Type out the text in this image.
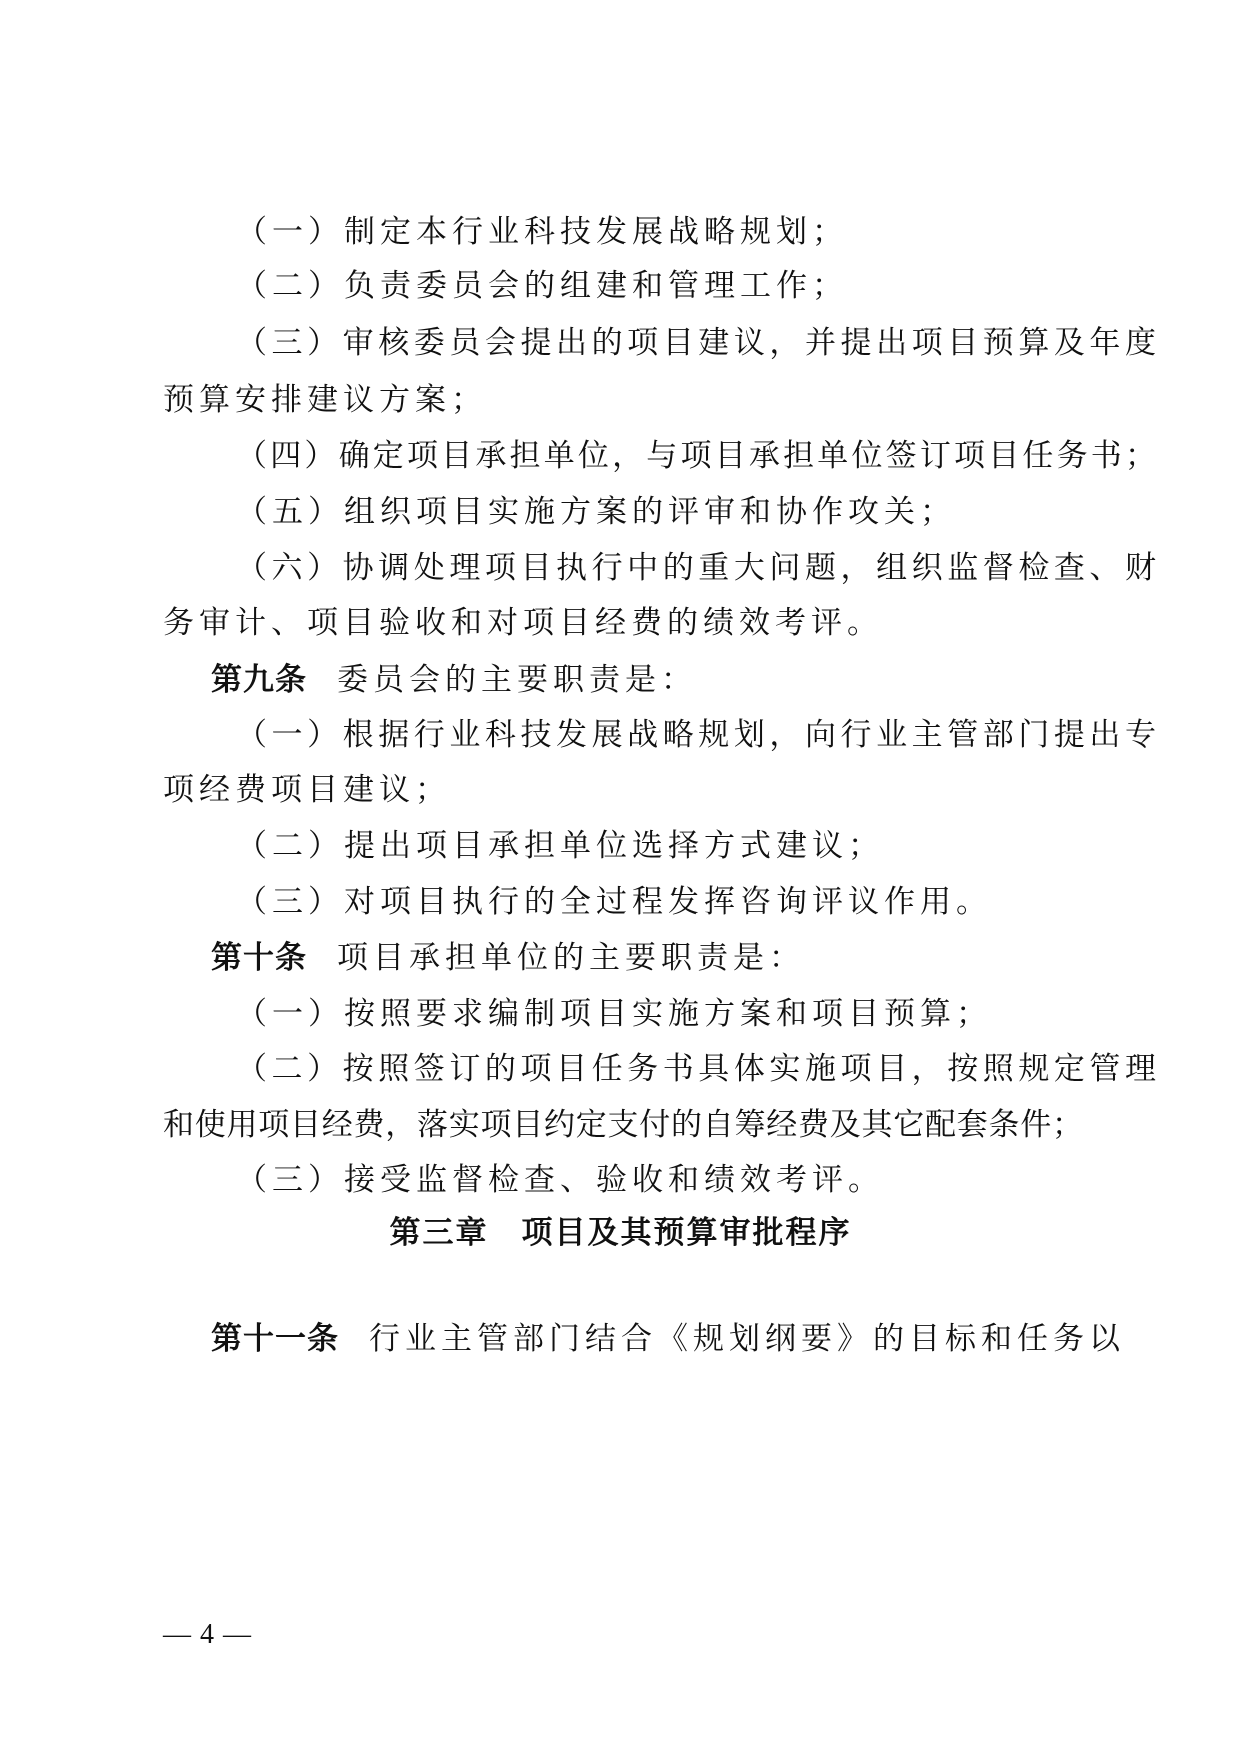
（一）制定本行业科技发展战略规划；
（二）负责委员会的组建和管理工作；
（三）审核委员会提出的项目建议，并提出项目预算及年度
预算安排建议方案；
（四）确定项目承担单位，与项目承担单位签订项目任务书；
（五）组织项目实施方案的评审和协作攻关；
（六）协调处理项目执行中的重大问题，组织监督检查、财
务审计、项目验收和对项目经费的绩效考评。
第九条 委员会的主要职责是：
（一）根据行业科技发展战略规划，向行业主管部门提出专
项经费项目建议；
（二）提出项目承担单位选择方式建议；
（三）对项目执行的全过程发挥咨询评议作用。
第十条 项目承担单位的主要职责是：
（一）按照要求编制项目实施方案和项目预算；
（二）按照签订的项目任务书具体实施项目，按照规定管理
和使用项目经费，落实项目约定支付的自筹经费及其它配套条件；
（三）接受监督检查、验收和绩效考评。
第三章　项目及其预算审批程序
第十一条 行业主管部门结合《规划纲要》的目标和任务以
— 4 —
